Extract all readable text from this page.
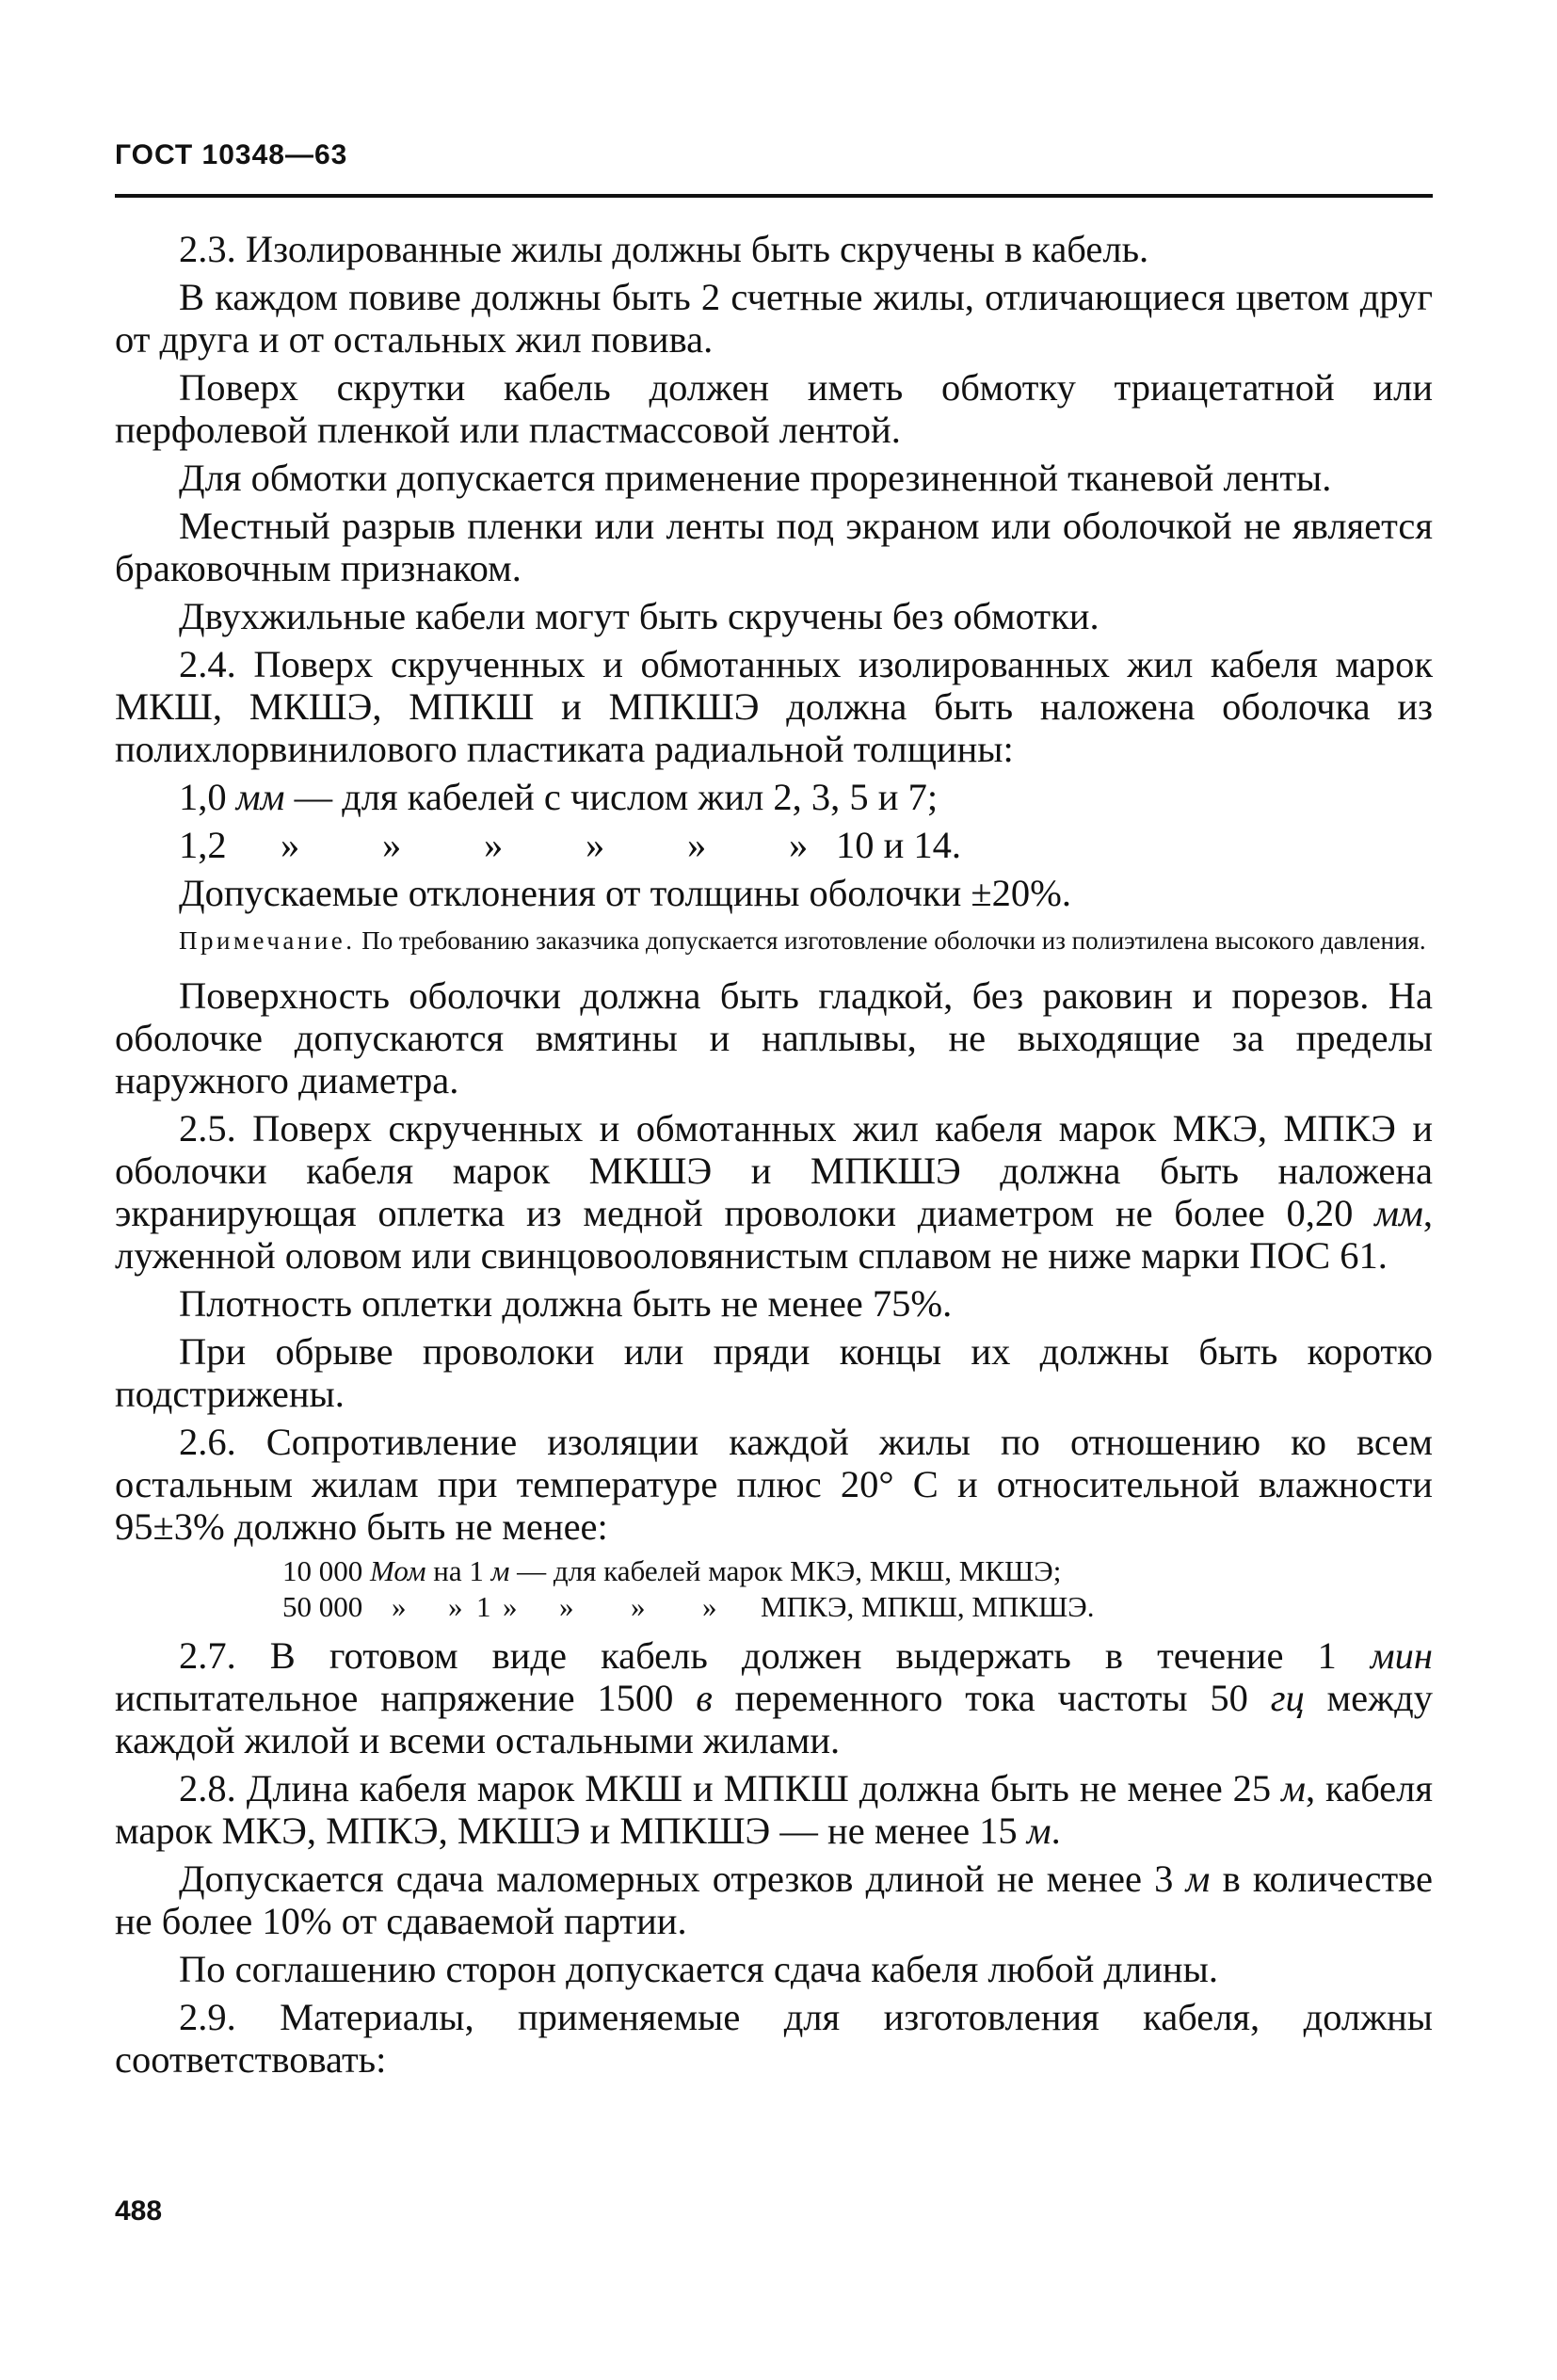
ГОСТ 10348—63

2.3. Изолированные жилы должны быть скручены в кабель.

В каждом повиве должны быть 2 счетные жилы, отличающиеся цветом друг от друга и от остальных жил повива.

Поверх скрутки кабель должен иметь обмотку триацетатной или перфолевой пленкой или пластмассовой лентой.

Для обмотки допускается применение прорезиненной тканевой ленты.

Местный разрыв пленки или ленты под экраном или оболочкой не является браковочным признаком.

Двухжильные кабели могут быть скручены без обмотки.

2.4. Поверх скрученных и обмотанных изолированных жил кабеля марок МКШ, МКШЭ, МПКШ и МПКШЭ должна быть наложена оболочка из полихлорвинилового пластиката радиальной толщины:

1,0 мм — для кабелей с числом жил 2, 3, 5 и 7;
1,2 » » » » » » 10 и 14.

Допускаемые отклонения от толщины оболочки ±20%.

Примечание. По требованию заказчика допускается изготовление оболочки из полиэтилена высокого давления.

Поверхность оболочки должна быть гладкой, без раковин и порезов. На оболочке допускаются вмятины и наплывы, не выходящие за пределы наружного диаметра.

2.5. Поверх скрученных и обмотанных жил кабеля марок МКЭ, МПКЭ и оболочки кабеля марок МКШЭ и МПКШЭ должна быть наложена экранирующая оплетка из медной проволоки диаметром не более 0,20 мм, луженной оловом или свинцовооловянистым сплавом не ниже марки ПОС 61.

Плотность оплетки должна быть не менее 75%.

При обрыве проволоки или пряди концы их должны быть коротко подстрижены.

2.6. Сопротивление изоляции каждой жилы по отношению ко всем остальным жилам при температуре плюс 20° С и относительной влажности 95±3% должно быть не менее:

10 000 Мом на 1 м — для кабелей марок МКЭ, МКШ, МКШЭ;
50 000 » » 1 » » » » МПКЭ, МПКШ, МПКШЭ.

2.7. В готовом виде кабель должен выдержать в течение 1 мин испытательное напряжение 1500 в переменного тока частоты 50 гц между каждой жилой и всеми остальными жилами.

2.8. Длина кабеля марок МКШ и МПКШ должна быть не менее 25 м, кабеля марок МКЭ, МПКЭ, МКШЭ и МПКШЭ — не менее 15 м.

Допускается сдача маломерных отрезков длиной не менее 3 м в количестве не более 10% от сдаваемой партии.

По соглашению сторон допускается сдача кабеля любой длины.

2.9. Материалы, применяемые для изготовления кабеля, должны соответствовать:

488
